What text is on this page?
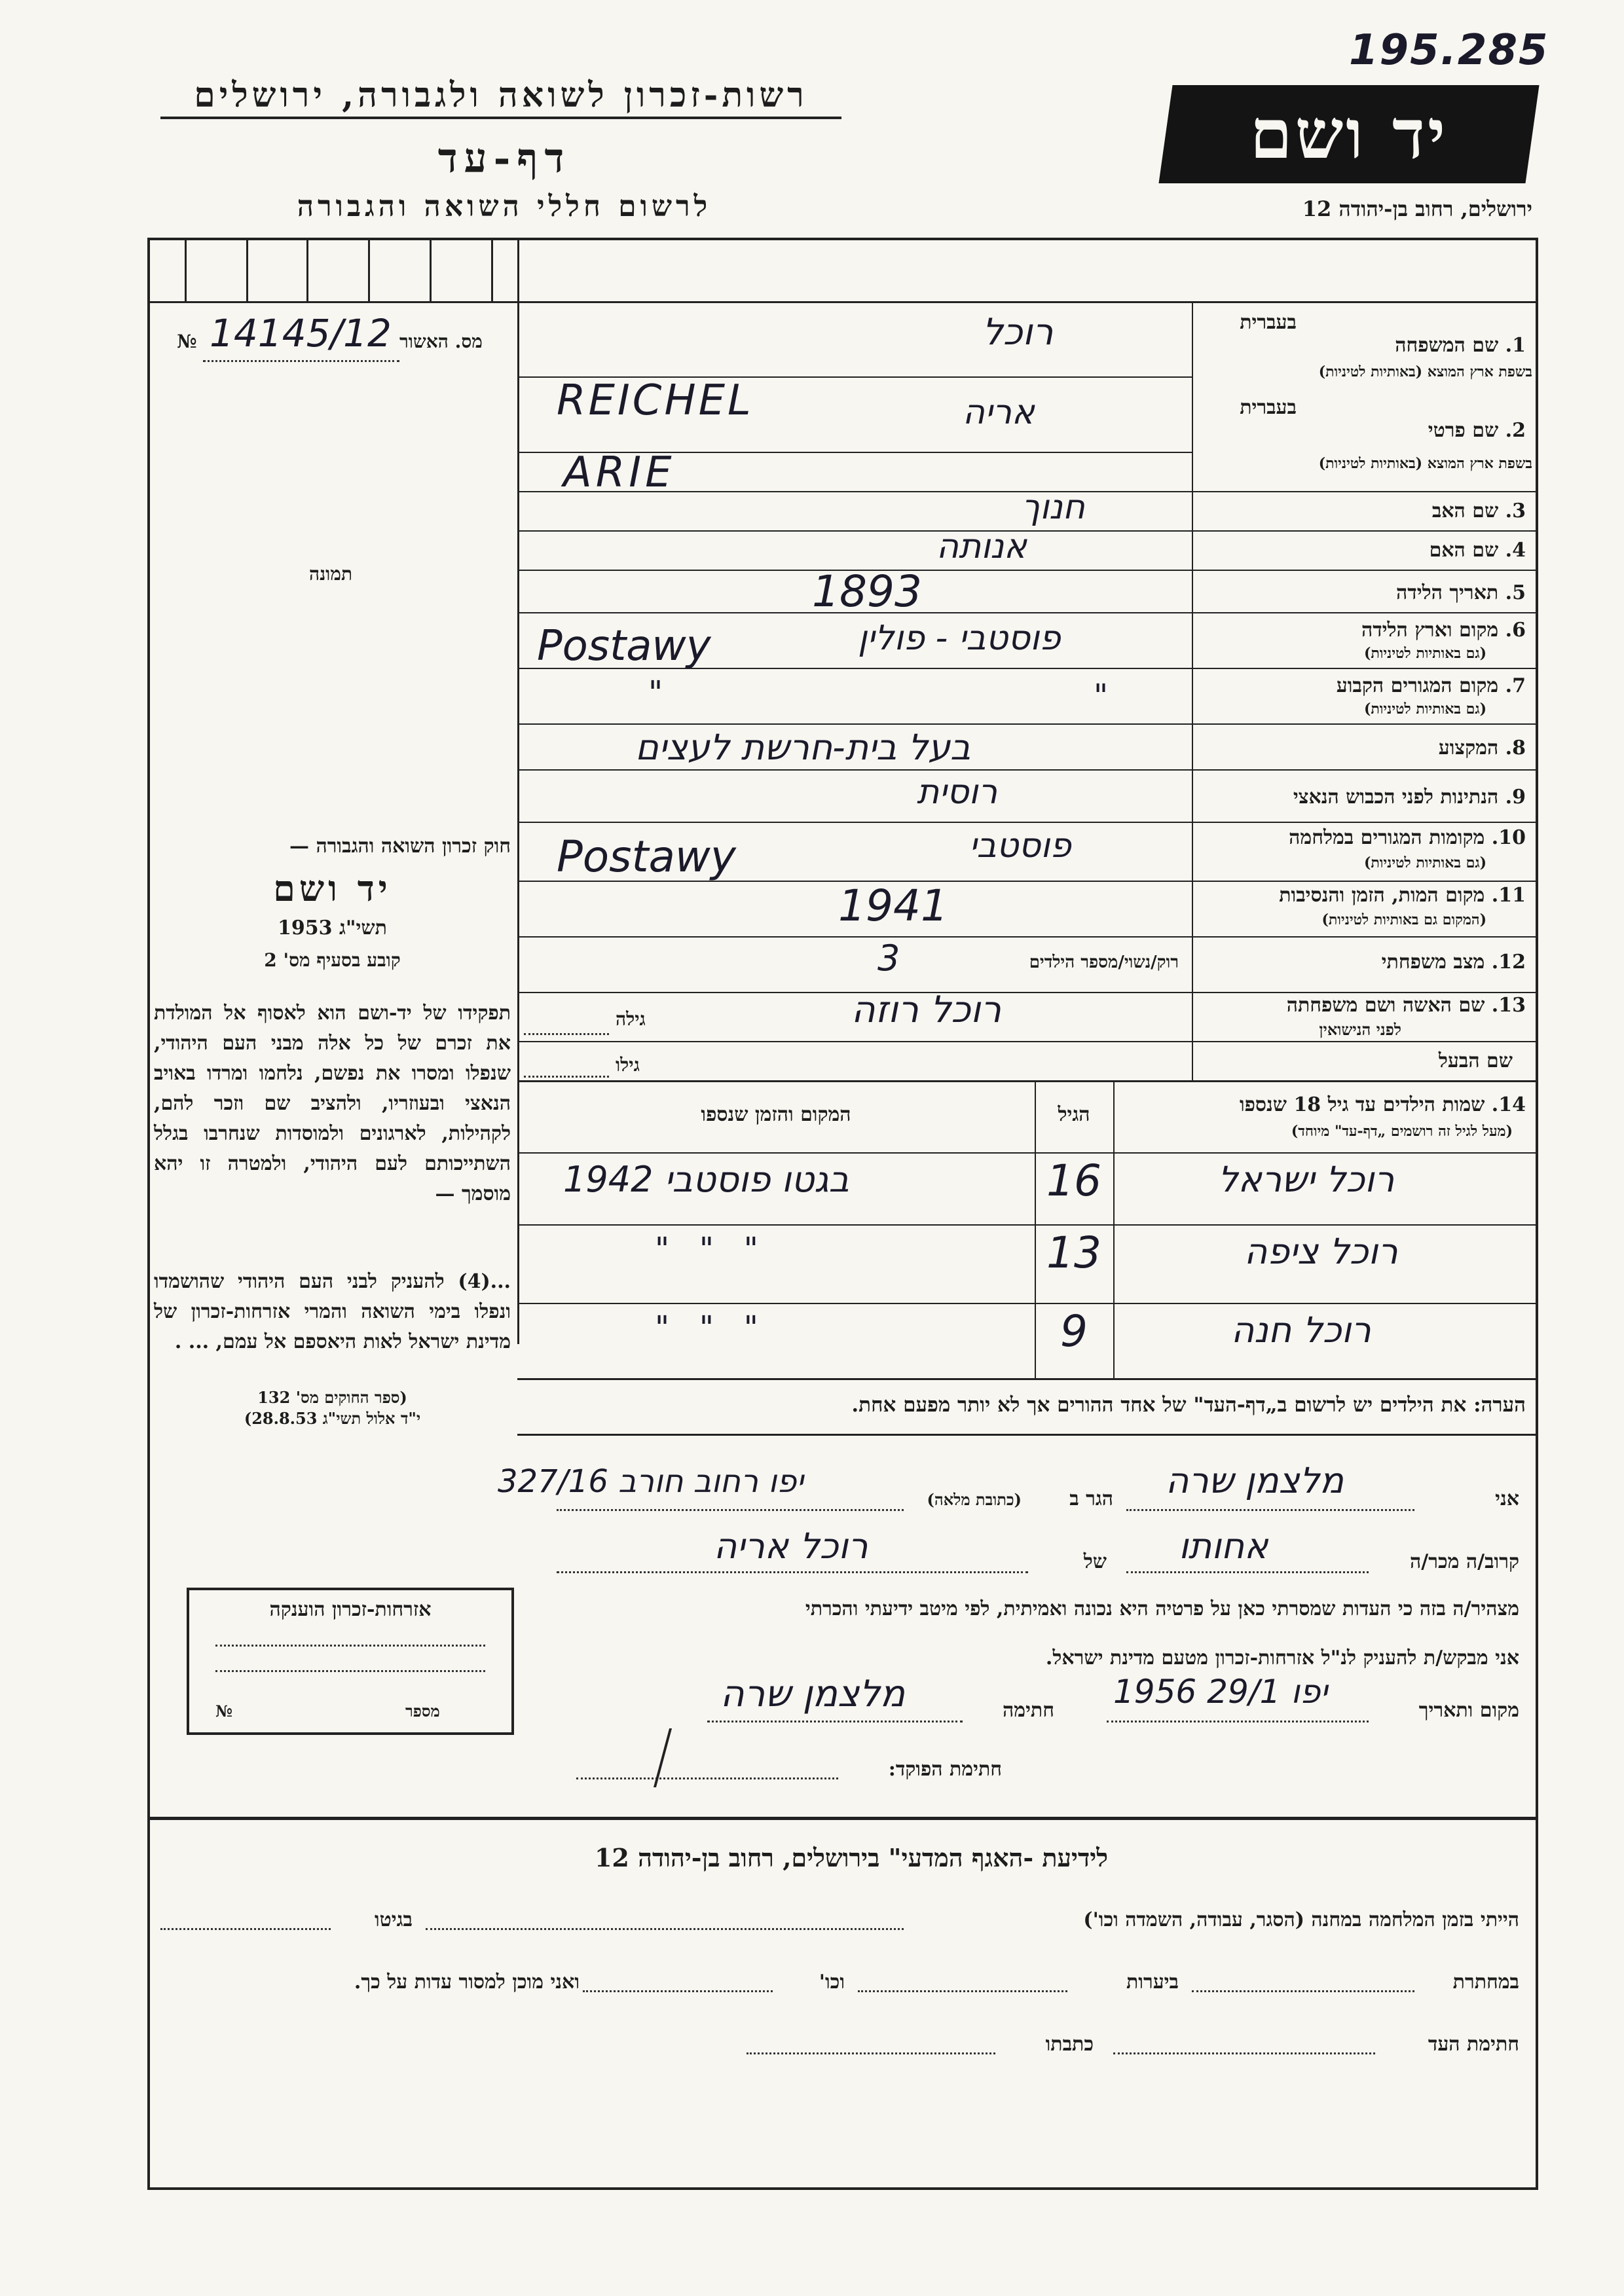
195.285
רשות-זכרון לשואה ולגבורה, ירושלים
דף-עד
לרשום חללי השואה והגבורה
יד ושם
ירושלים, רחוב בן-יהודה 12
№ 14145/12 מס. האשור
תמונה
חוק זכרון השואה והגבורה —
יד ושם
תשי"ג 1953
קובע בסעיף מס' 2
תפקידו של יד-ושם הוא לאסוף אל המולדת את זכרם של כל אלה מבני העם היהודי, שנפלו ומסרו את נפשם, נלחמו ומרדו באויב הנאצי ובעוזריו, ולהציב שם וזכר להם, לקהילות, לארגונים ולמוסדות שנחרבו בגלל השתייכותם לעם היהודי, ולמטרה זו יהא מוסמך —
...(4) להעניק לבני העם היהודי שהושמדו ונפלו בימי השואה והמרי אזרחות-זכרון של מדינת ישראל לאות היאספם אל עמם, ... .
(ספר החוקים מס' 132
י"ד אלול תשי"ג 28.8.53)
בעברית
1. שם המשפחה
בשפת ארץ המוצא (באותיות לטיניות)
רוכל
REICHEL	בעברית
2. שם פרטי
בשפת ארץ המוצא (באותיות לטיניות)
אריה
ARIE
3. שם האב
חנוך
4. שם האם
אנותה
5. תאריך הלידה
1893
6. מקום וארץ הלידה
(גם באותיות לטיניות)
פוסטבי - פולין
Postawy
7. מקום המגורים הקבוע
(גם באותיות לטיניות)
"
"
8. המקצוע
בעל בית-חרשת לעצים
9. הנתינות לפני הכבוש הנאצי
רוסית
10. מקומות המגורים במלחמה
(גם באותיות לטיניות)
פוסטבי
Postawy
11. מקום המות, הזמן והנסיבות
(המקום גם באותיות לטיניות)
1941
12. מצב משפחתי
רוק/נשוי/מספר הילדים
3
13. שם האשה ושם משפחתה
לפני הנישואין
רוכל רוזה
גילה
שם הבעל
גילו
14. שמות הילדים עד גיל 18 שנספו
(מעל לגיל זה רושמים „דף-עד" מיוחד)
הגיל
המקום והזמן שנספו
רוכל ישראל
16
בגטו פוסטבי 1942
רוכל ציפה
13
"   "   "
רוכל חנה
9
"   "   "
הערה: את הילדים יש לרשום ב„דף-העד" של אחד ההורים אך לא יותר מפעם אחת.
אני
מלצמן שרה
הגר ב
(כתובת מלאה)
יפו רחוב חורב 327/16
קרוב/ה מכר/ה
אחותו
של
רוכל אריה
מצהיר/ה בזה כי העדות שמסרתי כאן על פרטיה היא נכונה ואמיתית, לפי מיטב ידיעתי והכרתי
אני מבקש/ת להעניק לנ"ל אזרחות-זכרון מטעם מדינת ישראל.
מקום ותאריך
יפו 29/1 1956
חתימה
מלצמן שרה
חתימת הפוקד:
אזרחות-זכרון הוענקה
מספר
№
לידיעת -האגף המדעי" בירושלים, רחוב בן-יהודה 12
הייתי בזמן המלחמה במחנה (הסגר, עבודה, השמדה וכו')
בגיטו
במחתרת
ביערות
וכו'
ואני מוכן למסור עדות על כך.
חתימת העד
כתבתו
